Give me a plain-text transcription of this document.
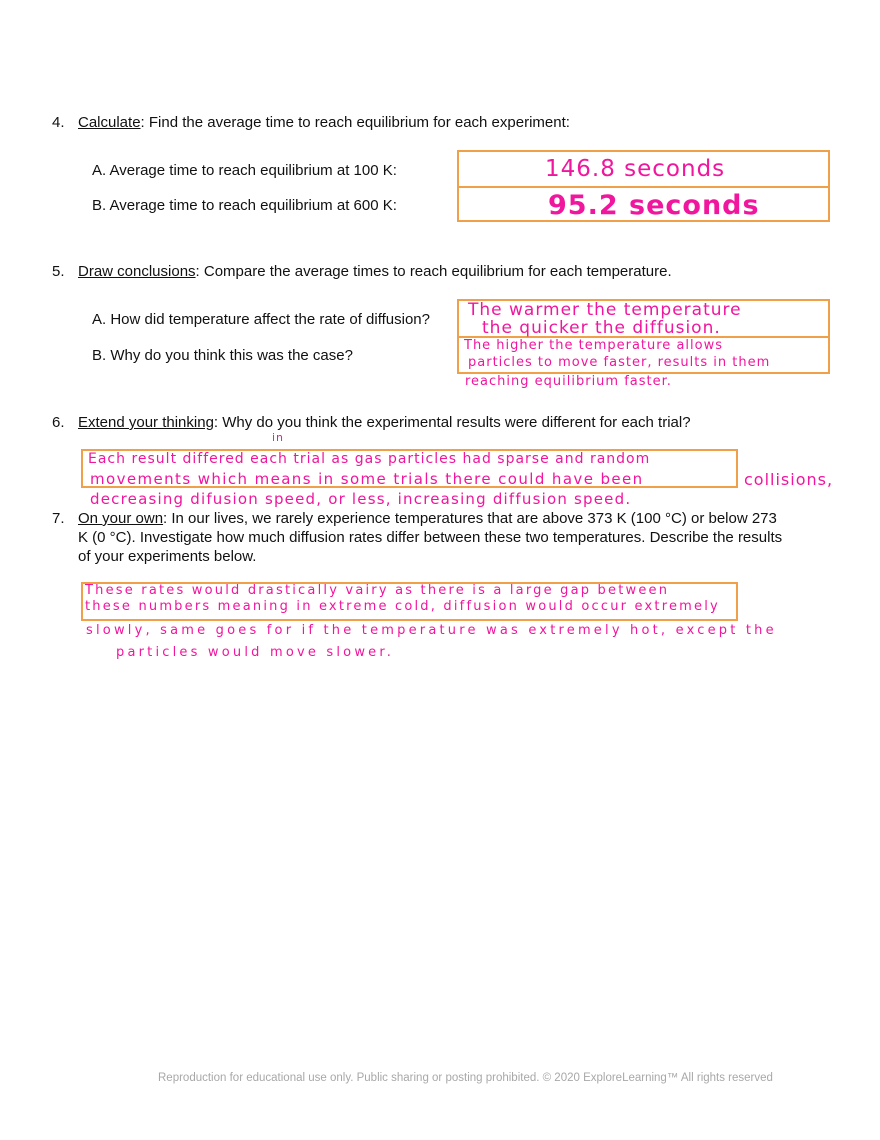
4. Calculate: Find the average time to reach equilibrium for each experiment:
A. Average time to reach equilibrium at 100 K:
B. Average time to reach equilibrium at 600 K:
146.8 seconds
95.2 seconds
5. Draw conclusions: Compare the average times to reach equilibrium for each temperature.
A. How did temperature affect the rate of diffusion?
B. Why do you think this was the case?
The warmer the temperature
the quicker the diffusion.
The higher the temperature allows
particles to move faster, results in them
reaching equilibrium faster.
6. Extend your thinking: Why do you think the experimental results were different for each trial?
in
Each result differed each trial as gas particles had sparse and random
movements which means in some trials there could have been	collisions,
decreasing difusion speed, or less, increasing diffusion speed.
7. On your own: In our lives, we rarely experience temperatures that are above 373 K (100 °C) or below 273
K (0 °C). Investigate how much diffusion rates differ between these two temperatures. Describe the results
of your experiments below.
These rates would drastically vairy as there is a large gap between
these numbers meaning in extreme cold, diffusion would occur extremely
slowly, same goes for if the temperature was extremely hot, except the
particles would move slower.
Reproduction for educational use only. Public sharing or posting prohibited. © 2020 ExploreLearning™ All rights reserved
